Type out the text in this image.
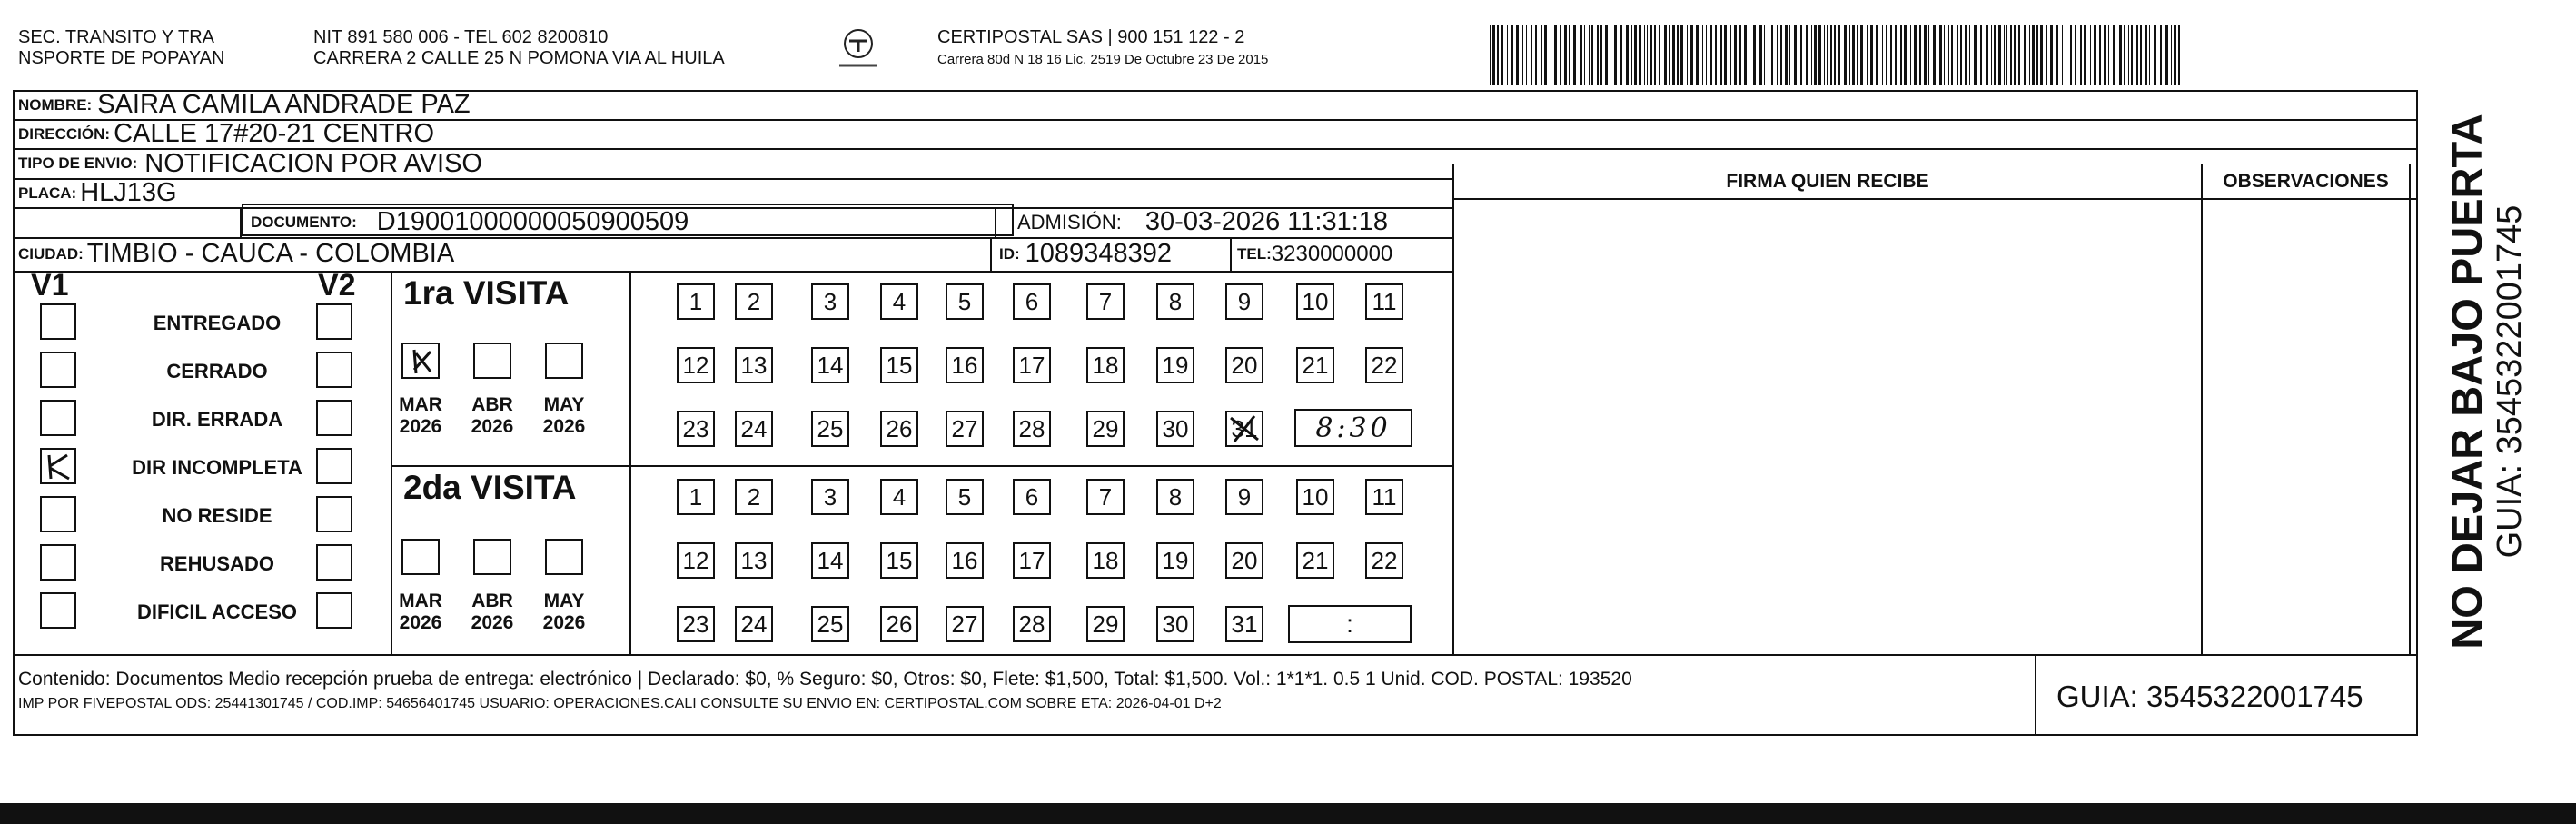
SEC. TRANSITO Y TRA
NSPORTE DE POPAYAN
NIT 891 580 006 - TEL 602 8200810
CARRERA 2 CALLE 25 N POMONA VIA AL HUILA
CERTIPOSTAL SAS | 900 151 122 - 2
Carrera 80d N 18 16 Lic. 2519 De Octubre 23 De 2015
NOMBRE: SAIRA CAMILA ANDRADE PAZ
DIRECCIÓN: CALLE 17#20-21 CENTRO
TIPO DE ENVIO: NOTIFICACION POR AVISO
PLACA: HLJ13G
DOCUMENTO: D19001000000050900509	ADMISIÓN: 30-03-2026 11:31:18
CIUDAD: TIMBIO - CAUCA - COLOMBIA	ID: 1089348392	TEL: 3230000000
FIRMA QUIEN RECIBE	OBSERVACIONES
V1	V2
ENTREGADO
CERRADO
DIR. ERRADA
DIR INCOMPLETA
NO RESIDE
REHUSADO
DIFICIL ACCESO
1ra VISITA
MAR
2026
ABR
2026
MAY
2026
1	2	3	4	5	6	7	8	9	10 11
12 13 14 15 16 17 18 19 20 21 22
23 24 25 26 27 28 29 30 31	8:30
2da VISITA
MAR
2026
ABR
2026
MAY
2026
1	2	3	4	5	6	7	8	9	10 11
12 13 14 15 16 17 18 19 20 21 22
23 24 25 26 27 28 29 30 31	:
Contenido: Documentos Medio recepción prueba de entrega: electrónico | Declarado: $0, % Seguro: $0, Otros: $0, Flete: $1,500, Total: $1,500. Vol.: 1*1*1. 0.5 1 Unid. COD. POSTAL: 193520
IMP POR FIVEPOSTAL ODS: 25441301745 / COD.IMP: 54656401745 USUARIO: OPERACIONES.CALI CONSULTE SU ENVIO EN: CERTIPOSTAL.COM SOBRE ETA: 2026-04-01 D+2	GUIA: 3545322001745
NO DEJAR BAJO PUERTA GUIA: 3545322001745
